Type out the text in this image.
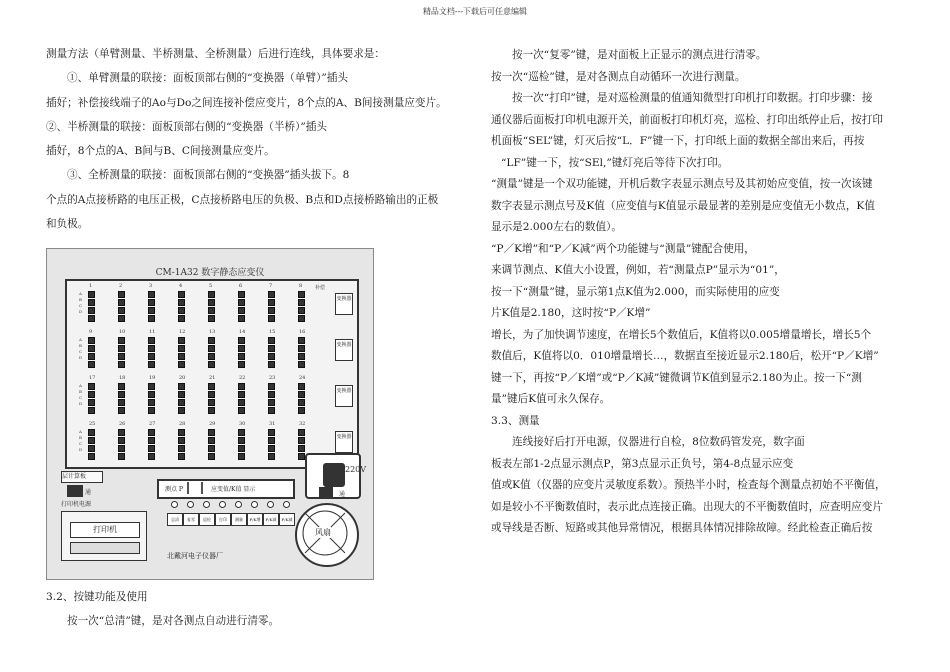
精品文档---下载后可任意编辑
测量方法（单臂测量、半桥测量、全桥测量）后进行连线，具体要求是：
①、单臂测量的联接：面板顶部右侧的“变换器（单臂）”插头
插好；补偿接线端子的Ao与Do之间连接补偿应变片，8个点的A、B间接测量应变片。
②、半桥测量的联接：面板顶部右侧的“变换器（半桥）”插头
插好，8个点的A、B间与B、C间接测量应变片。
③、全桥测量的联接：面板顶部右侧的“变换器”插头拔下。8
个点的A点接桥路的电压正极，C点接桥路电压的负极、B点和D点接桥路输出的正极
和负极。
CM-1A32 数字静态应变仪
1
A B C D
2	3	4	5	6	7	8
9
A B C D
10	11	12	13	14	15	16
17
A B C D
18	19	20	21	22	23	24
25
A B C D
26	27	28	29	30	31	32
补偿
变换器
变换器
变换器
变换器
层计算板
通
打印机电源
测点 P	应变值/K值 显示
总清	复零	巡检	打印	测量	P/K增	P/K减	P/K减
220V
通
打印机	风扇
北戴河电子仪器厂
3.2、按键功能及使用
按一次“总清”键，是对各测点自动进行清零。
按一次“复零”键，是对面板上正显示的测点进行清零。
按一次“巡检”键，是对各测点自动循环一次进行测量。
按一次“打印”键，是对巡检测量的值通知微型打印机打印数据。打印步骤：接
通仪器后面板打印机电源开关，前面板打印机灯亮，巡检、打印出纸停止后，按打印
机面板“SEL”键，灯灭后按“L．F”键一下，打印纸上面的数据全部出来后，再按
“LF”键一下，按“SEl,”键灯亮后等待下次打印。
“测量”键是一个双功能键，开机后数字表显示测点号及其初始应变值，按一次该键
数字表显示测点号及K值（应变值与K值显示最显著的差别是应变值无小数点，K值
显示是2.000左右的数值）。
“P／K增”和“P／K减”两个功能键与“测量”键配合使用，
来调节测点、K值大小设置，例如，若“测量点P”显示为“01”，
按一下“测量”键，显示第1点K值为2.000，而实际使用的应变
片K值是2.180，这时按“P／K增”
增长，为了加快调节速度，在增长5个数值后，K值将以0.005增量增长，增长5个
数值后，K值将以0．010增量增长…，数据直至接近显示2.180后，松开“P／K增”
键一下，再按“P／K增”或“P／K减”键微调节K值到显示2.180为止。按一下“测
量”键后K值可永久保存。
3.3、测量
连线接好后打开电源，仪器进行自检，8位数码管发亮，数字面
板表左部1-2点显示测点P，第3点显示正负号，第4-8点显示应变
值或K值（仪器的应变片灵敏度系数）。预热半小时，检查每个测量点初始不平衡值，
如是较小不平衡数值时，表示此点连接正确。出现大的不平衡数值时，应查明应变片
或导线是否断、短路或其他异常情况，根据具体情况排除故障。经此检查正确后按
